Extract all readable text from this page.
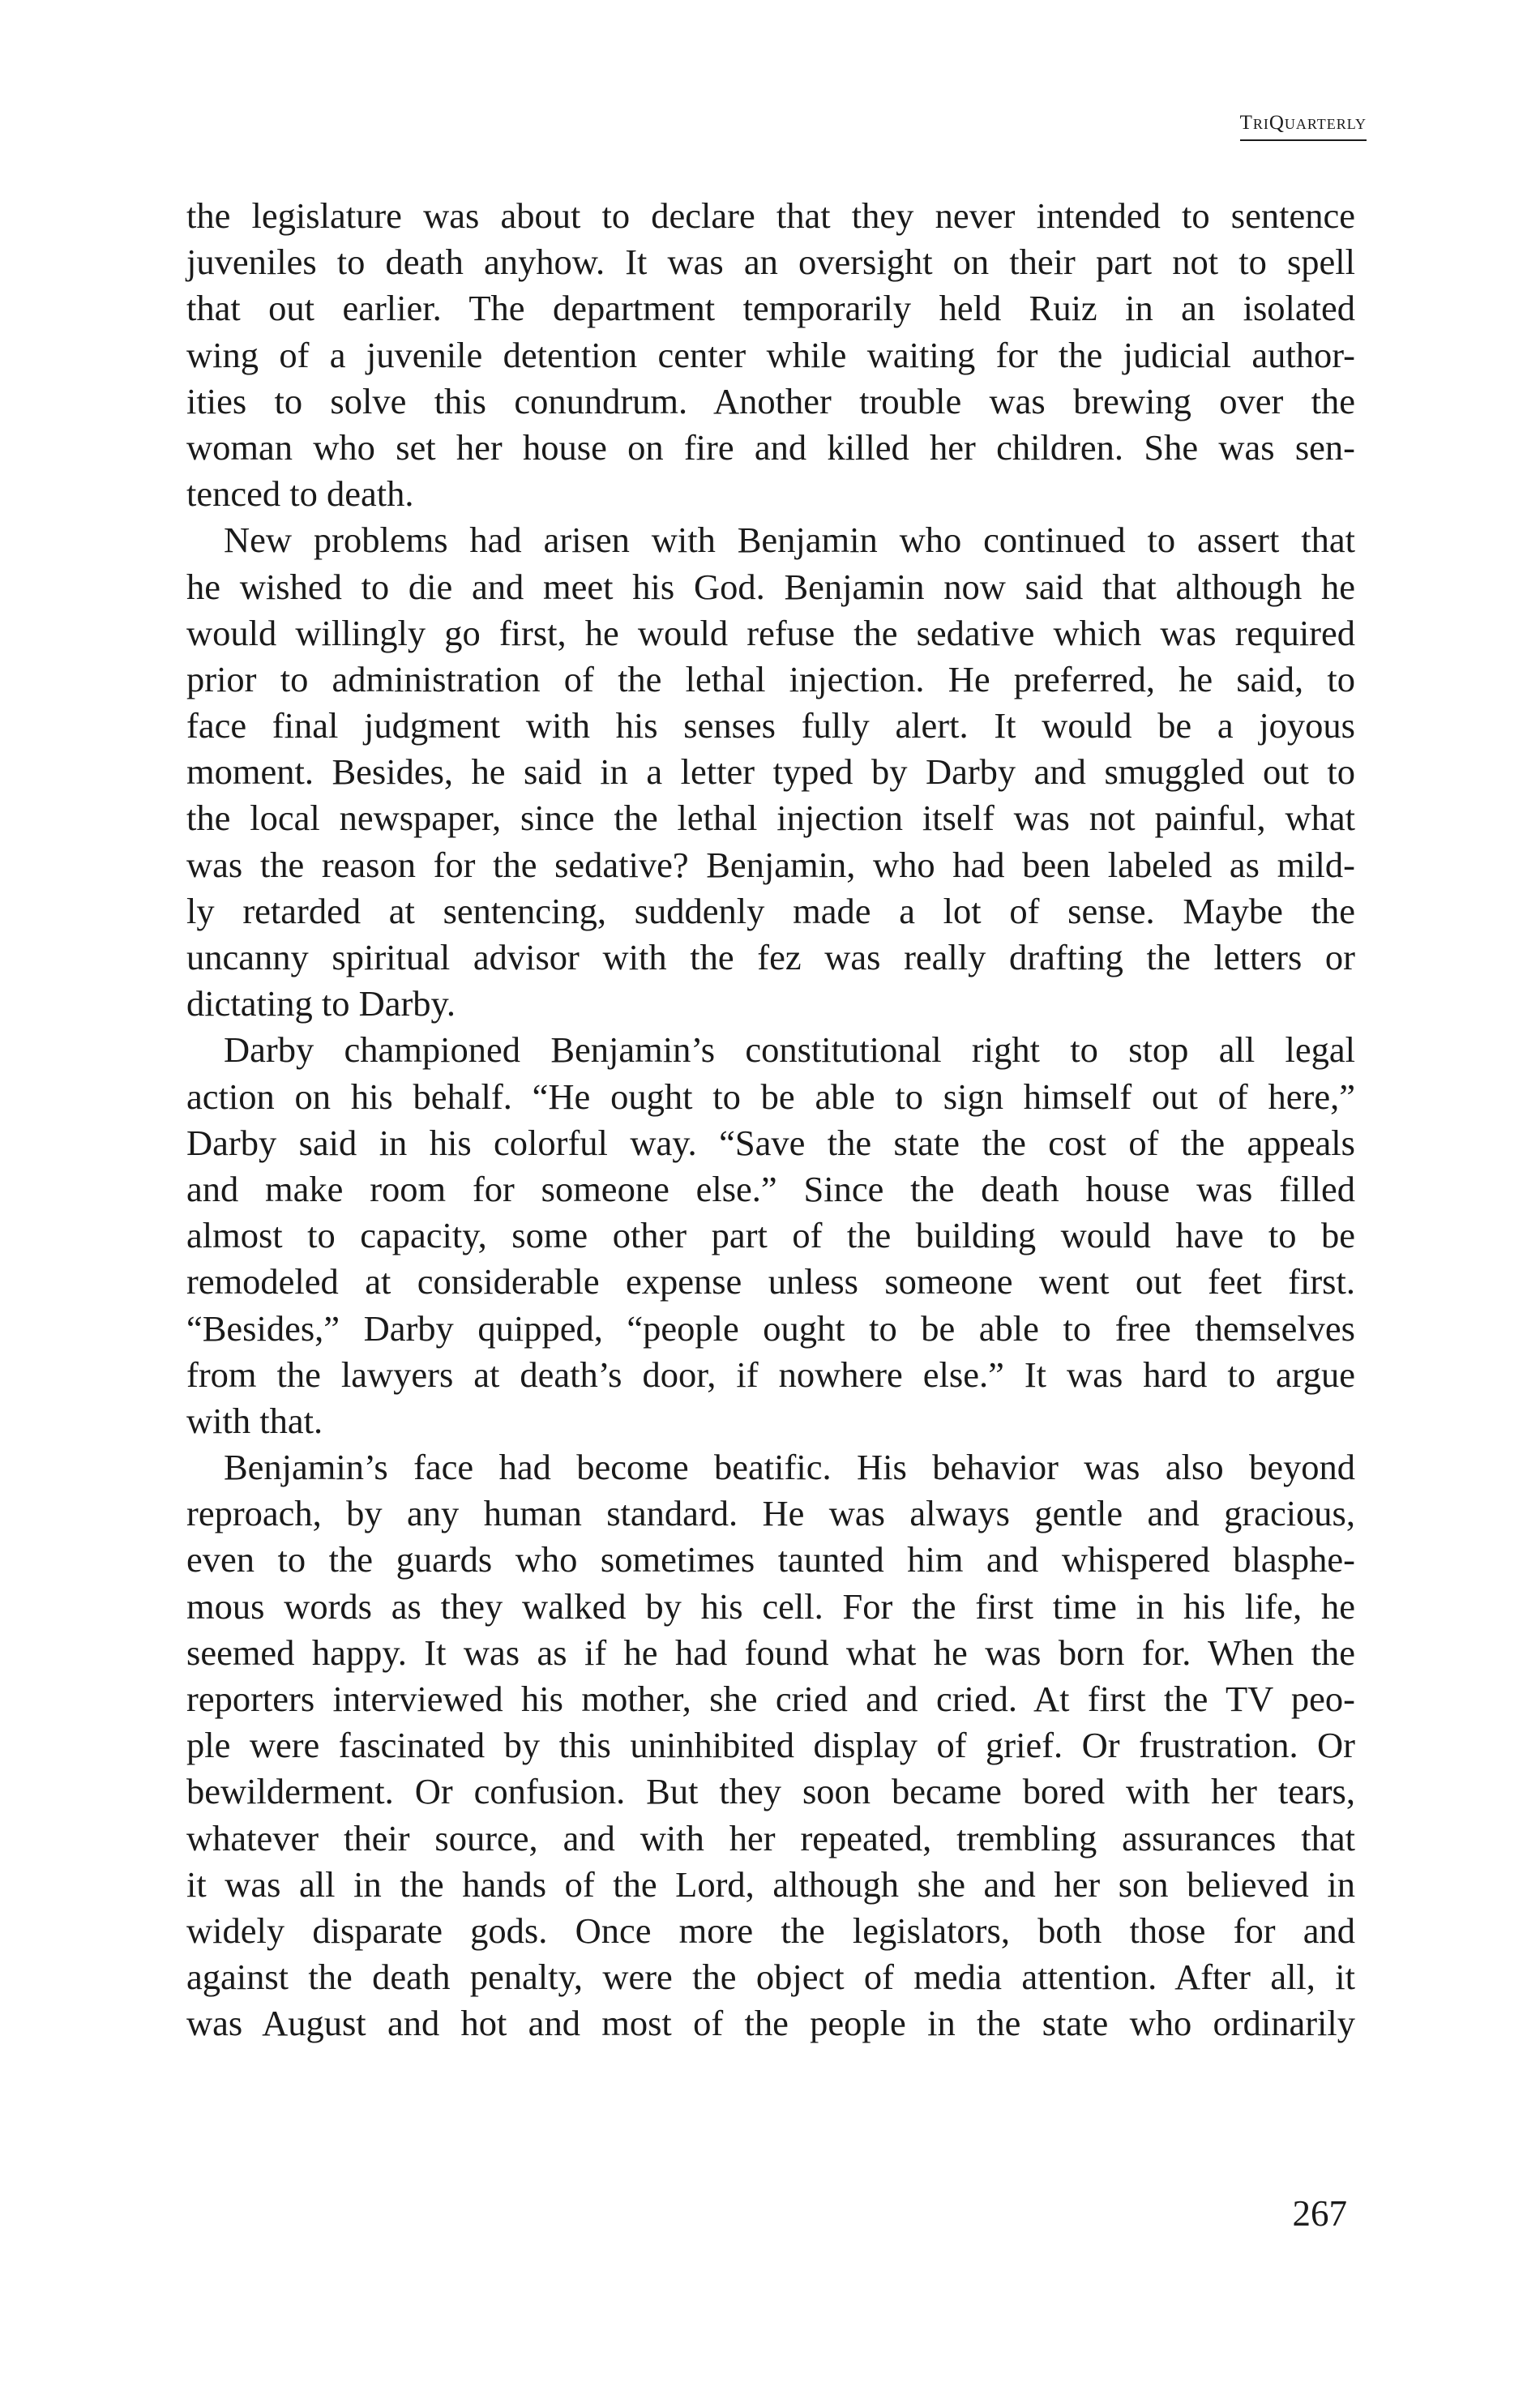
TriQuarterly
the legislature was about to declare that they never intended to sentence
juveniles to death anyhow. It was an oversight on their part not to spell
that out earlier. The department temporarily held Ruiz in an isolated
wing of a juvenile detention center while waiting for the judicial author-
ities to solve this conundrum. Another trouble was brewing over the
woman who set her house on fire and killed her children. She was sen-
tenced to death.
New problems had arisen with Benjamin who continued to assert that
he wished to die and meet his God. Benjamin now said that although he
would willingly go first, he would refuse the sedative which was required
prior to administration of the lethal injection. He preferred, he said, to
face final judgment with his senses fully alert. It would be a joyous
moment. Besides, he said in a letter typed by Darby and smuggled out to
the local newspaper, since the lethal injection itself was not painful, what
was the reason for the sedative? Benjamin, who had been labeled as mild-
ly retarded at sentencing, suddenly made a lot of sense. Maybe the
uncanny spiritual advisor with the fez was really drafting the letters or
dictating to Darby.
Darby championed Benjamin’s constitutional right to stop all legal
action on his behalf. “He ought to be able to sign himself out of here,”
Darby said in his colorful way. “Save the state the cost of the appeals
and make room for someone else.” Since the death house was filled
almost to capacity, some other part of the building would have to be
remodeled at considerable expense unless someone went out feet first.
“Besides,” Darby quipped, “people ought to be able to free themselves
from the lawyers at death’s door, if nowhere else.” It was hard to argue
with that.
Benjamin’s face had become beatific. His behavior was also beyond
reproach, by any human standard. He was always gentle and gracious,
even to the guards who sometimes taunted him and whispered blasphe-
mous words as they walked by his cell. For the first time in his life, he
seemed happy. It was as if he had found what he was born for. When the
reporters interviewed his mother, she cried and cried. At first the TV peo-
ple were fascinated by this uninhibited display of grief. Or frustration. Or
bewilderment. Or confusion. But they soon became bored with her tears,
whatever their source, and with her repeated, trembling assurances that
it was all in the hands of the Lord, although she and her son believed in
widely disparate gods. Once more the legislators, both those for and
against the death penalty, were the object of media attention. After all, it
was August and hot and most of the people in the state who ordinarily
267
